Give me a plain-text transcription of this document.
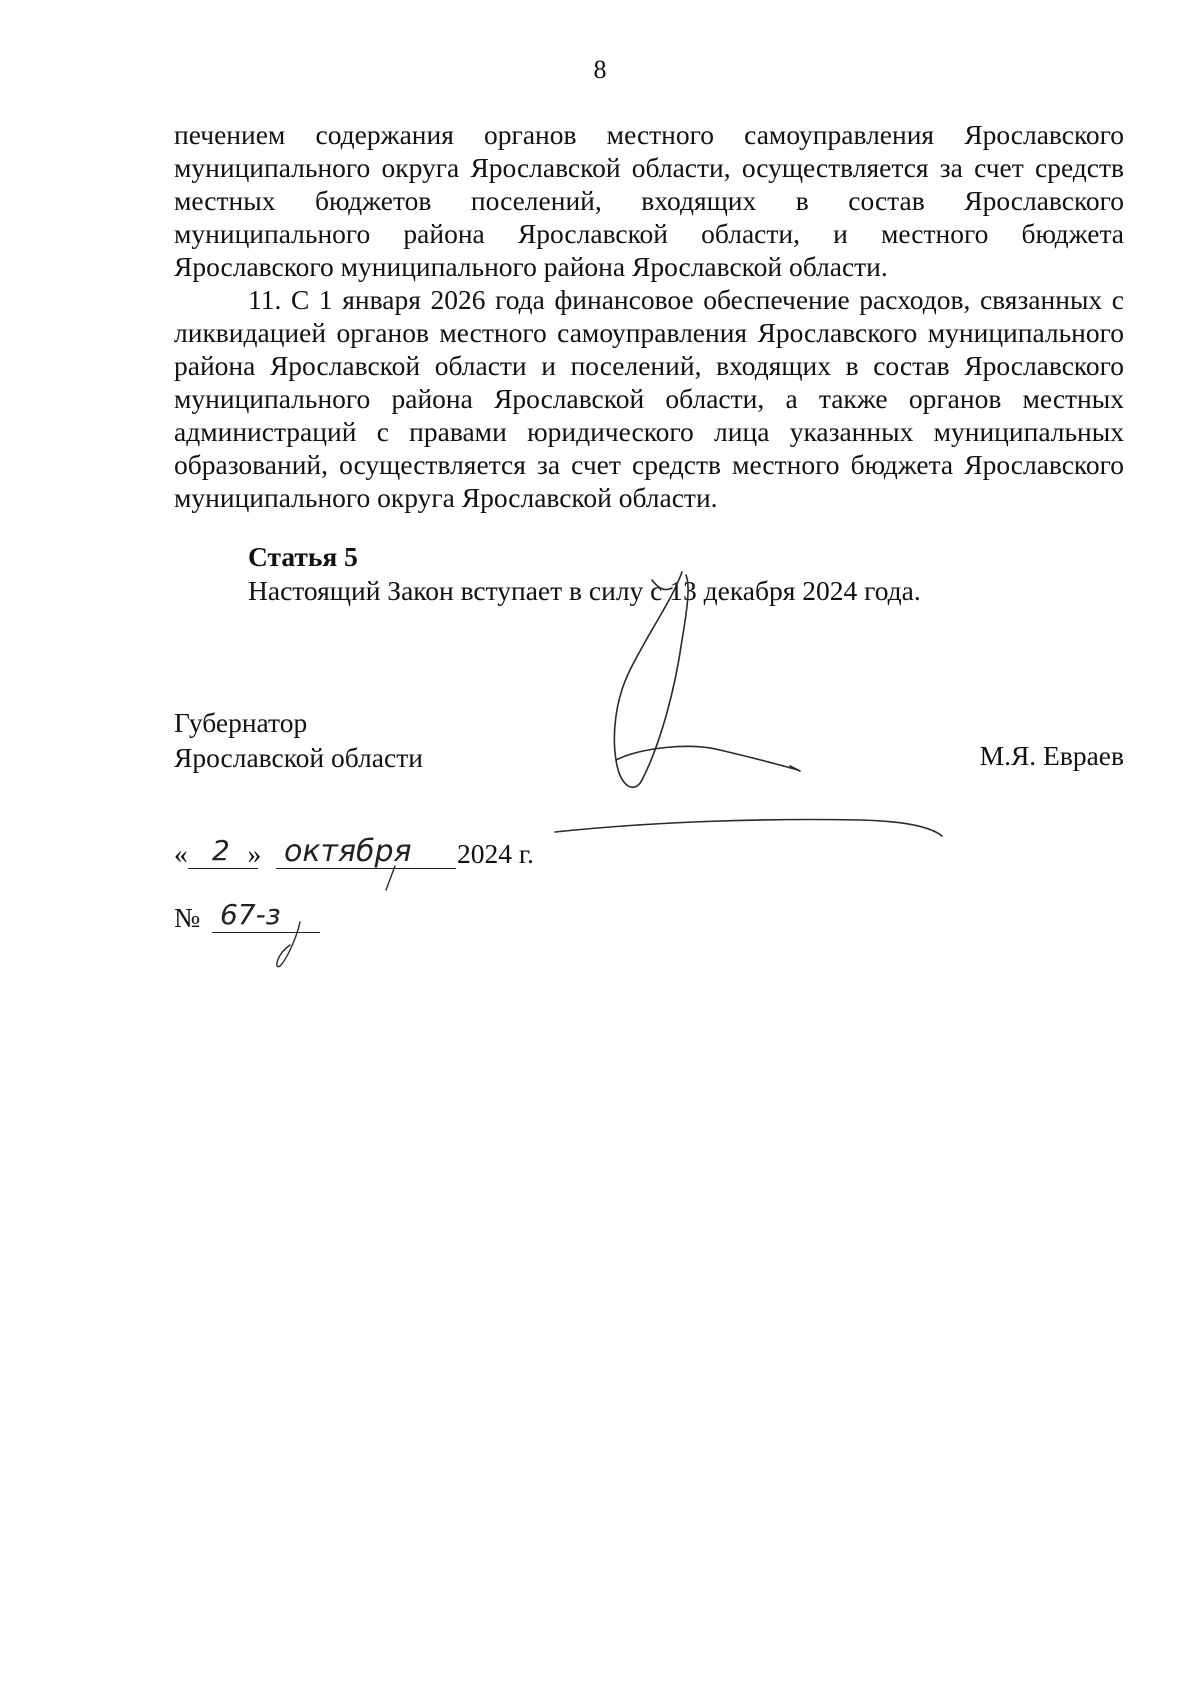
8

печением содержания органов местного самоуправления Ярославского муниципального округа Ярославской области, осуществляется за счет средств местных бюджетов поселений, входящих в состав Ярославского муниципального района Ярославской области, и местного бюджета Ярославского муниципального района Ярославской области.

11. С 1 января 2026 года финансовое обеспечение расходов, связанных с ликвидацией органов местного самоуправления Ярославского муниципального района Ярославской области и поселений, входящих в состав Ярославского муниципального района Ярославской области, а также органов местных администраций с правами юридического лица указанных муниципальных образований, осуществляется за счет средств местного бюджета Ярославского муниципального округа Ярославской области.

Статья 5
Настоящий Закон вступает в силу с 13 декабря 2024 года.
Губернатор
Ярославской области	М.Я. Евраев
« »	2024 г.
2 октября
№ 67-з
